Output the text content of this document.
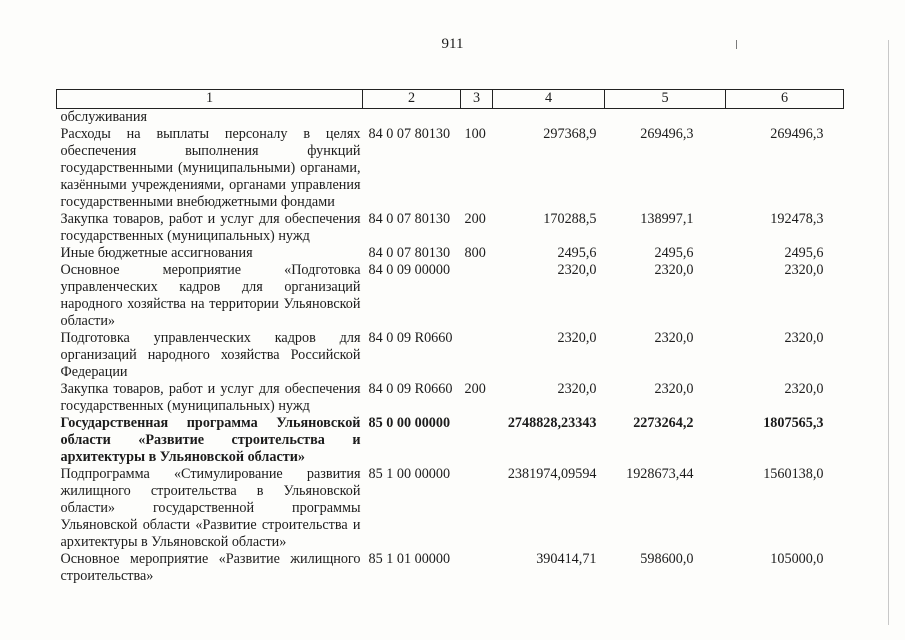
911
1	2	3	4	5	6
обслуживания					
Расходы на выплаты персоналу в целях обеспечения выполнения функций государственными (муниципальными) органами, казёнными учреждениями, органами управления государственными внебюджетными фондами	84 0 07 80130	100	297368,9	269496,3	269496,3
Закупка товаров, работ и услуг для обеспечения государственных (муниципальных) нужд	84 0 07 80130	200	170288,5	138997,1	192478,3
Иные бюджетные ассигнования	84 0 07 80130	800	2495,6	2495,6	2495,6
Основное мероприятие «Подготовка управленческих кадров для организаций народного хозяйства на территории Ульяновской области»	84 0 09 00000		2320,0	2320,0	2320,0
Подготовка управленческих кадров для организаций народного хозяйства Российской Федерации	84 0 09 R0660		2320,0	2320,0	2320,0
Закупка товаров, работ и услуг для обеспечения государственных (муниципальных) нужд	84 0 09 R0660	200	2320,0	2320,0	2320,0
Государственная программа Ульяновской области «Развитие строительства и архитектуры в Ульяновской области»	85 0 00 00000		2748828,23343	2273264,2	1807565,3
Подпрограмма «Стимулирование развития жилищного строительства в Ульяновской области» государственной программы Ульяновской области «Развитие строительства и архитектуры в Ульяновской области»	85 1 00 00000		2381974,09594	1928673,44	1560138,0
Основное мероприятие «Развитие жилищного строительства»	85 1 01 00000		390414,71	598600,0	105000,0
